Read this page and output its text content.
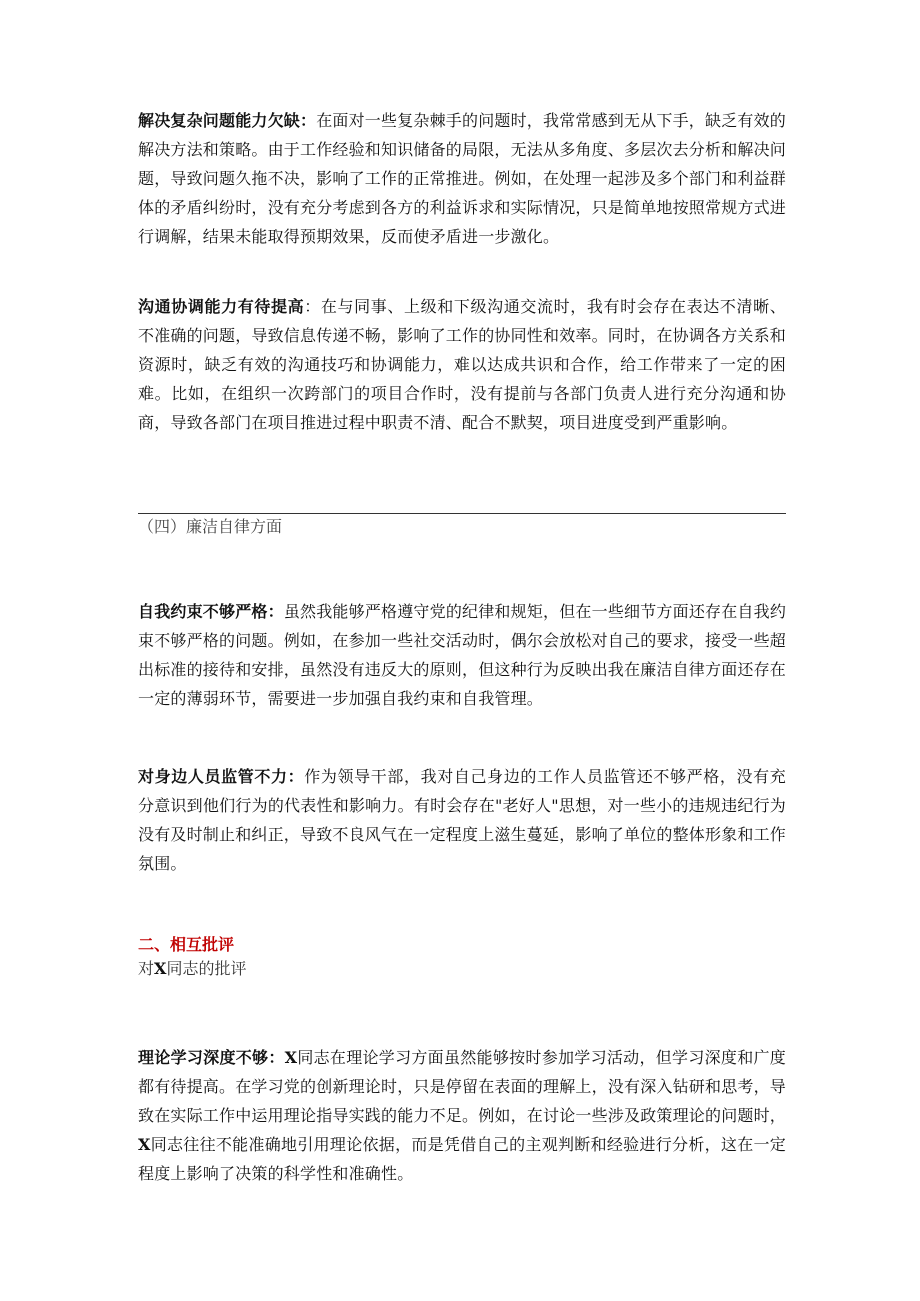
解决复杂问题能力欠缺：在面对一些复杂棘手的问题时，我常常感到无从下手，缺乏有效的解决方法和策略。由于工作经验和知识储备的局限，无法从多角度、多层次去分析和解决问题，导致问题久拖不决，影响了工作的正常推进。例如，在处理一起涉及多个部门和利益群体的矛盾纠纷时，没有充分考虑到各方的利益诉求和实际情况，只是简单地按照常规方式进行调解，结果未能取得预期效果，反而使矛盾进一步激化。

沟通协调能力有待提高：在与同事、上级和下级沟通交流时，我有时会存在表达不清晰、不准确的问题，导致信息传递不畅，影响了工作的协同性和效率。同时，在协调各方关系和资源时，缺乏有效的沟通技巧和协调能力，难以达成共识和合作，给工作带来了一定的困难。比如，在组织一次跨部门的项目合作时，没有提前与各部门负责人进行充分沟通和协商，导致各部门在项目推进过程中职责不清、配合不默契，项目进度受到严重影响。

（四）廉洁自律方面

自我约束不够严格：虽然我能够严格遵守党的纪律和规矩，但在一些细节方面还存在自我约束不够严格的问题。例如，在参加一些社交活动时，偶尔会放松对自己的要求，接受一些超出标准的接待和安排，虽然没有违反大的原则，但这种行为反映出我在廉洁自律方面还存在一定的薄弱环节，需要进一步加强自我约束和自我管理。

对身边人员监管不力：作为领导干部，我对自己身边的工作人员监管还不够严格，没有充分意识到他们行为的代表性和影响力。有时会存在"老好人"思想，对一些小的违规违纪行为没有及时制止和纠正，导致不良风气在一定程度上滋生蔓延，影响了单位的整体形象和工作氛围。

二、相互批评
对X同志的批评

理论学习深度不够：X同志在理论学习方面虽然能够按时参加学习活动，但学习深度和广度都有待提高。在学习党的创新理论时，只是停留在表面的理解上，没有深入钻研和思考，导致在实际工作中运用理论指导实践的能力不足。例如，在讨论一些涉及政策理论的问题时，X同志往往不能准确地引用理论依据，而是凭借自己的主观判断和经验进行分析，这在一定程度上影响了决策的科学性和准确性。
